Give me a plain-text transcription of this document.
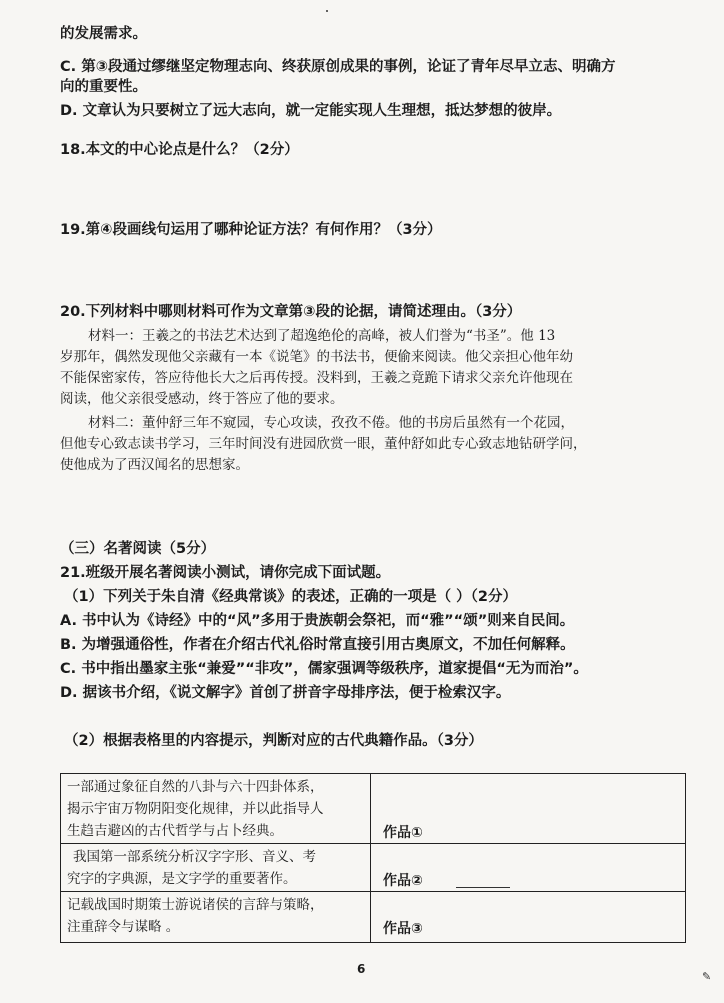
的发展需求。
C. 第③段通过缪继坚定物理志向、终获原创成果的事例，论证了青年尽早立志、明确方
向的重要性。
D. 文章认为只要树立了远大志向，就一定能实现人生理想，抵达梦想的彼岸。
18.本文的中心论点是什么？（2分）
19.第④段画线句运用了哪种论证方法？有何作用？（3分）
20.下列材料中哪则材料可作为文章第③段的论据，请简述理由。（3分）
材料一：王羲之的书法艺术达到了超逸绝伦的高峰，被人们誉为“书圣”。他 13
岁那年，偶然发现他父亲藏有一本《说笔》的书法书，便偷来阅读。他父亲担心他年幼
不能保密家传，答应待他长大之后再传授。没料到，王羲之竟跪下请求父亲允许他现在
阅读，他父亲很受感动，终于答应了他的要求。
材料二：董仲舒三年不窥园，专心攻读，孜孜不倦。他的书房后虽然有一个花园，
但他专心致志读书学习，三年时间没有进园欣赏一眼，董仲舒如此专心致志地钻研学问，
使他成为了西汉闻名的思想家。
（三）名著阅读（5分）
21.班级开展名著阅读小测试，请你完成下面试题。
（1）下列关于朱自清《经典常谈》的表述，正确的一项是（ ）（2分）
A. 书中认为《诗经》中的“风”多用于贵族朝会祭祀，而“雅”“颂”则来自民间。
B. 为增强通俗性，作者在介绍古代礼俗时常直接引用古奥原文，不加任何解释。
C. 书中指出墨家主张“兼爱”“非攻”，儒家强调等级秩序，道家提倡“无为而治”。
D. 据该书介绍，《说文解字》首创了拼音字母排序法，便于检索汉字。
（2）根据表格里的内容提示，判断对应的古代典籍作品。（3分）
一部通过象征自然的八卦与六十四卦体系，
揭示宇宙万物阴阳变化规律，并以此指导人
生趋吉避凶的古代哲学与占卜经典。	作品①
我国第一部系统分析汉字字形、音义、考
究字的字典源，是文字学的重要著作。	作品②
记载战国时期策士游说诸侯的言辞与策略，
注重辞令与谋略 。	作品③
6
✎
